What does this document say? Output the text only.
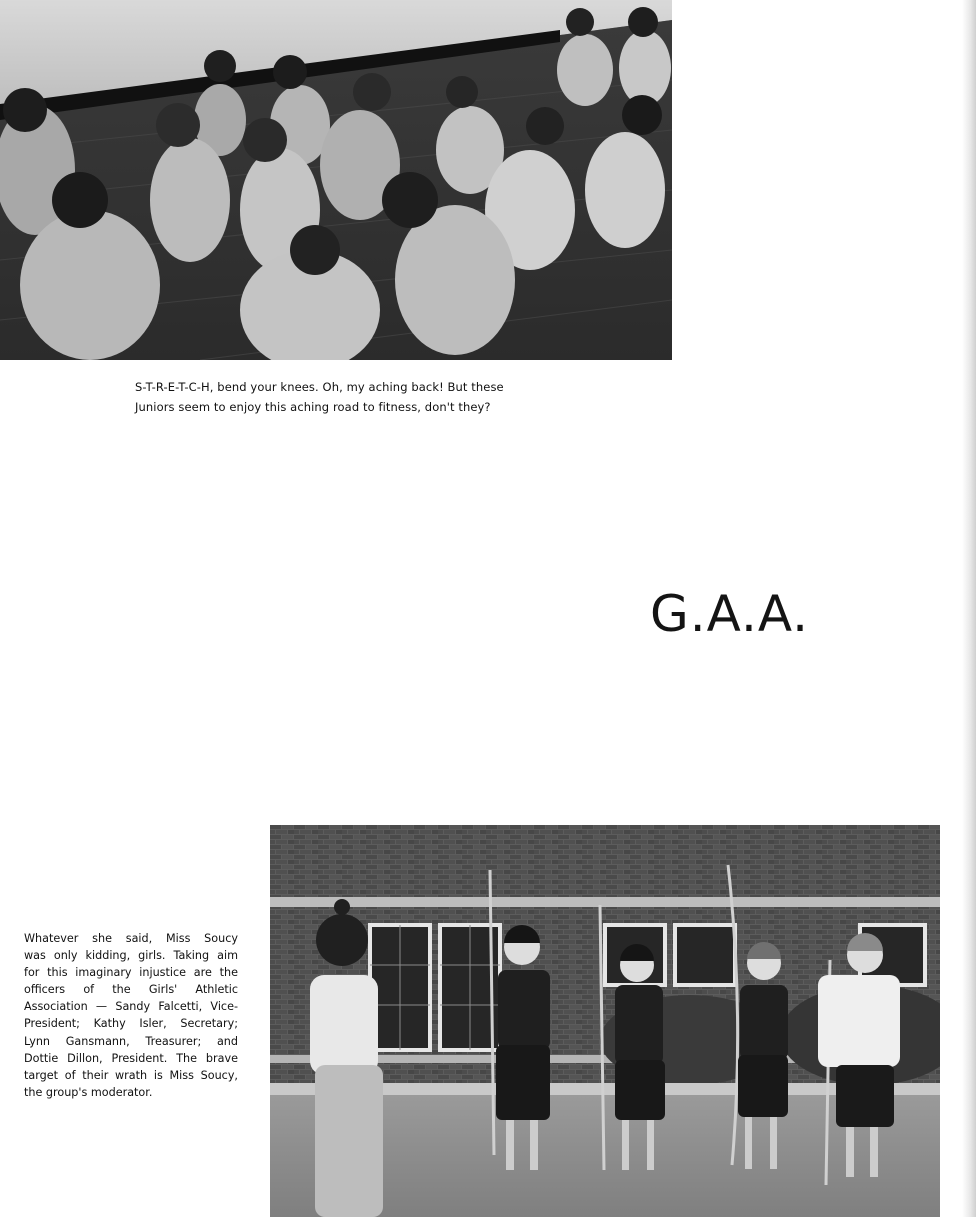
S-T-R-E-T-C-H, bend your knees. Oh, my aching back! But these
Juniors seem to enjoy this aching road to fitness, don't they?
G.A.A.
Whatever she said, Miss Soucy
was only kidding, girls. Taking aim
for this imaginary injustice are the
officers of the Girls' Athletic
Association — Sandy Falcetti, Vice-
President; Kathy Isler, Secretary;
Lynn Gansmann, Treasurer; and
Dottie Dillon, President. The brave
target of their wrath is Miss Soucy,
the group's moderator.
